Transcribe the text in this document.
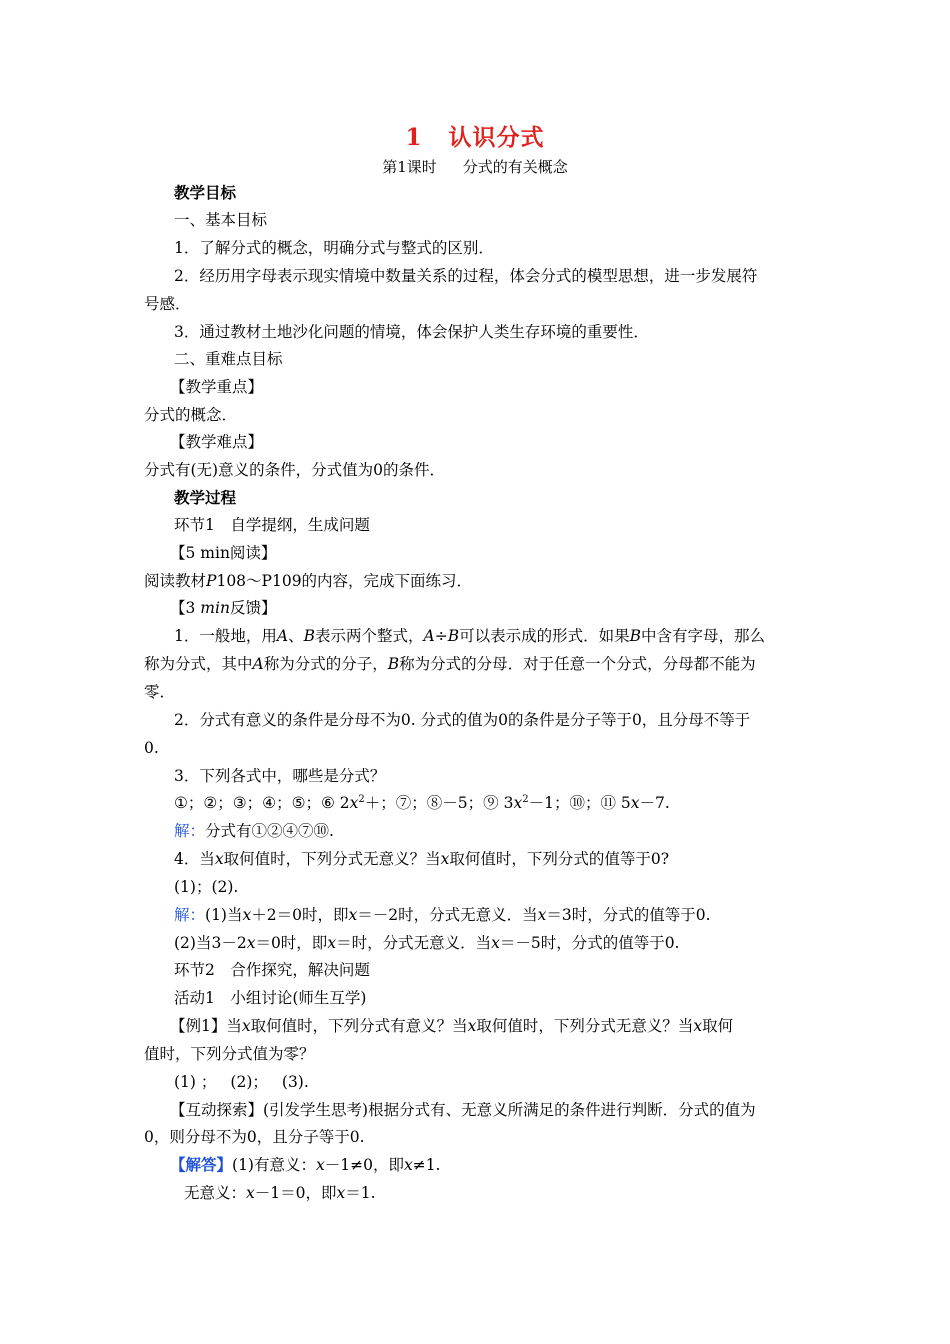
1 认识分式
第1课时 分式的有关概念
教学目标
一、基本目标
1．了解分式的概念，明确分式与整式的区别．
2．经历用字母表示现实情境中数量关系的过程，体会分式的模型思想，进一步发展符
号感．
3．通过教材土地沙化问题的情境，体会保护人类生存环境的重要性．
二、重难点目标
【教学重点】
分式的概念．
【教学难点】
分式有(无)意义的条件，分式值为0的条件．
教学过程
环节1　自学提纲，生成问题
【5 min阅读】
阅读教材P108～P109的内容，完成下面练习．
【3 min反馈】
1．一般地，用A、B表示两个整式，A÷B可以表示成的形式．如果B中含有字母，那么
称为分式，其中A称为分式的分子，B称为分式的分母．对于任意一个分式，分母都不能为
零．
2．分式有意义的条件是分母不为0. 分式的值为0的条件是分子等于0，且分母不等于
0.
3．下列各式中，哪些是分式？
①；②；③；④；⑤；⑥ $2x^2+$；⑦；⑧－5；⑨ $3x^2-1$；⑩；⑪ 5x－7.
解：分式有①②④⑦⑩.
4．当x取何值时，下列分式无意义？当x取何值时，下列分式的值等于0?
(1)；(2).
解：(1)当x＋2＝0时，即x＝－2时，分式无意义．当x＝3时，分式的值等于0.
(2)当3－2x＝0时，即x＝时，分式无意义．当x＝－5时，分式的值等于0.
环节2　合作探究，解决问题
活动1　小组讨论(师生互学)
【例1】当x取何值时，下列分式有意义？当x取何值时，下列分式无意义？当x取何
值时，下列分式值为零？
(1) ； (2)； (3).
【互动探索】(引发学生思考)根据分式有、无意义所满足的条件进行判断．分式的值为
0，则分母不为0，且分子等于0.
【解答】(1)有意义：x－1≠0，即x≠1.
无意义：x－1＝0，即x＝1.
